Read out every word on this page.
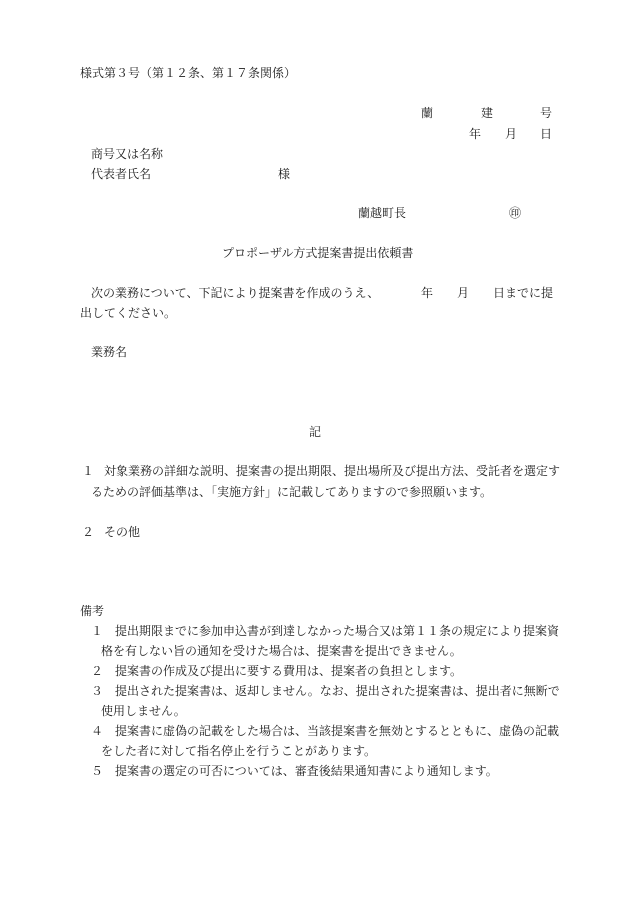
様式第３号（第１２条、第１７条関係）
蘭	建	号
年 月 日
商号又は名称
代表者氏名	様
蘭越町長	㊞
プロポーザル方式提案書提出依頼書
次の業務について、下記により提案書を作成のうえ、	年 月 日までに提
出してください。
業務名
記
１ 対象業務の詳細な説明、提案書の提出期限、提出場所及び提出方法、受託者を選定す
るための評価基準は、「実施方針」に記載してありますので参照願います。
２ その他
備考
１ 提出期限までに参加申込書が到達しなかった場合又は第１１条の規定により提案資
格を有しない旨の通知を受けた場合は、提案書を提出できません。
２ 提案書の作成及び提出に要する費用は、提案者の負担とします。
３ 提出された提案書は、返却しません。なお、提出された提案書は、提出者に無断で
使用しません。
４ 提案書に虚偽の記載をした場合は、当該提案書を無効とするとともに、虚偽の記載
をした者に対して指名停止を行うことがあります。
５ 提案書の選定の可否については、審査後結果通知書により通知します。
